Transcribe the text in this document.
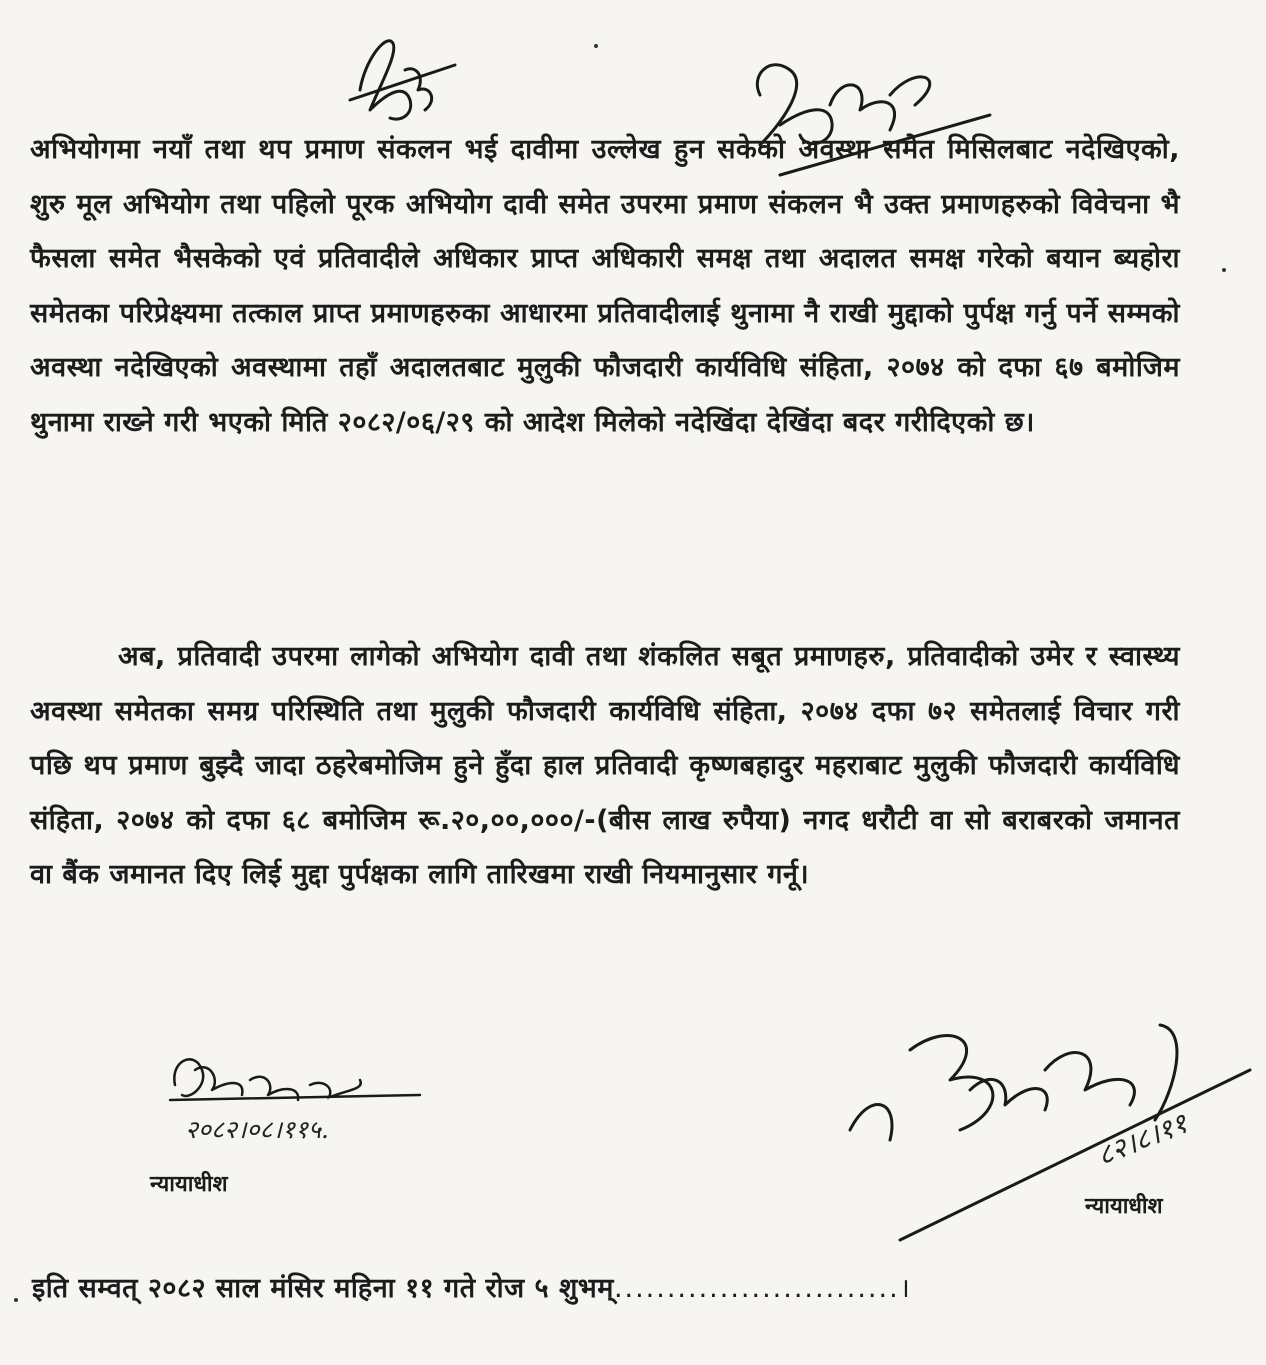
अभियोगमा नयाँ तथा थप प्रमाण संकलन भई दावीमा उल्लेख हुन सकेको अवस्था समेत मिसिलबाट नदेखिएको, शुरु मूल अभियोग तथा पहिलो पूरक अभियोग दावी समेत उपरमा प्रमाण संकलन भै उक्त प्रमाणहरुको विवेचना भै फैसला समेत भैसकेको एवं प्रतिवादीले अधिकार प्राप्त अधिकारी समक्ष तथा अदालत समक्ष गरेको बयान ब्यहोरा समेतका परिप्रेक्ष्यमा तत्काल प्राप्त प्रमाणहरुका आधारमा प्रतिवादीलाई थुनामा नै राखी मुद्दाको पुर्पक्ष गर्नु पर्ने सम्मको अवस्था नदेखिएको अवस्थामा तहाँ अदालतबाट मुलुकी फौजदारी कार्यविधि संहिता, २०७४ को दफा ६७ बमोजिम थुनामा राख्ने गरी भएको मिति २०८२/०६/२९ को आदेश मिलेको नदेखिंदा देखिंदा बदर गरीदिएको छ।
अब, प्रतिवादी उपरमा लागेको अभियोग दावी तथा शंकलित सबूत प्रमाणहरु, प्रतिवादीको उमेर र स्वास्थ्य अवस्था समेतका समग्र परिस्थिति तथा मुलुकी फौजदारी कार्यविधि संहिता, २०७४ दफा ७२ समेतलाई विचार गरी पछि थप प्रमाण बुझ्दै जादा ठहरेबमोजिम हुने हुँदा हाल प्रतिवादी कृष्णबहादुर महराबाट मुलुकी फौजदारी कार्यविधि संहिता, २०७४ को दफा ६८ बमोजिम रू.२०,००,०००/-(बीस लाख रुपैया) नगद धरौटी वा सो बराबरको जमानत वा बैंक जमानत दिए लिई मुद्दा पुर्पक्षका लागि तारिखमा राखी नियमानुसार गर्नू।
२०८२।०८।११५.
न्यायाधीश
८२।८।११
न्यायाधीश
इति सम्वत् २०८२ साल मंसिर महिना ११ गते रोज ५ शुभम्...........................।
